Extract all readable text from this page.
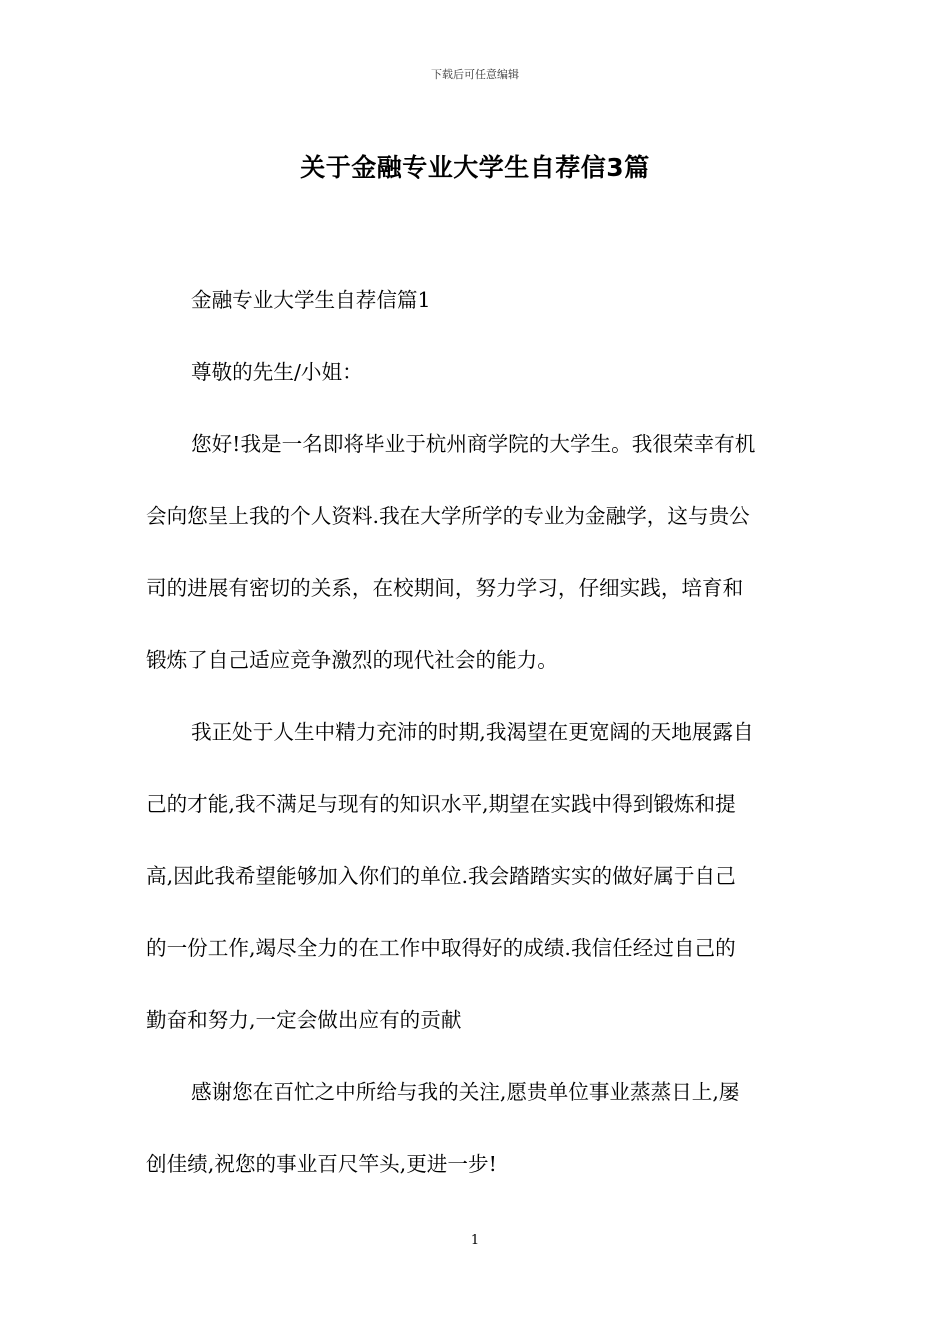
下载后可任意编辑
关于金融专业大学生自荐信3篇
金融专业大学生自荐信篇1
尊敬的先生/小姐：
您好!我是一名即将毕业于杭州商学院的大学生。我很荣幸有机
会向您呈上我的个人资料.我在大学所学的专业为金融学，这与贵公
司的进展有密切的关系，在校期间，努力学习，仔细实践，培育和
锻炼了自己适应竞争激烈的现代社会的能力。
我正处于人生中精力充沛的时期,我渴望在更宽阔的天地展露自
己的才能,我不满足与现有的知识水平,期望在实践中得到锻炼和提
高,因此我希望能够加入你们的单位.我会踏踏实实的做好属于自己
的一份工作,竭尽全力的在工作中取得好的成绩.我信任经过自己的
勤奋和努力,一定会做出应有的贡献
感谢您在百忙之中所给与我的关注,愿贵单位事业蒸蒸日上,屡
创佳绩,祝您的事业百尺竿头,更进一步!
1
